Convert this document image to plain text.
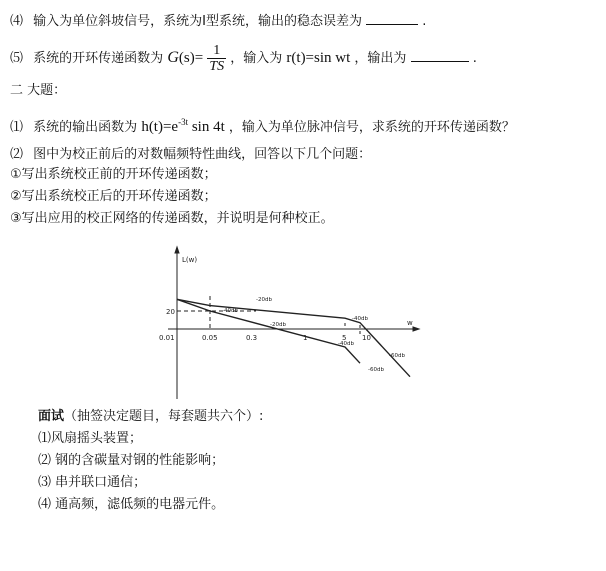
⑷ 输入为单位斜坡信号，系统为Ⅰ型系统，输出的稳态误差为	.
⑸ 系统的开环传递函数为 $G(s)= \frac{1}{TS}$ ，输入为 r(t)=sin wt ，输出为	.
二 大题：
⑴ 系统的输出函数为 $h(t)=e^{-3t}$ sin 4t ，输入为单位脉冲信号，求系统的开环传递函数？
⑵ 图中为校正前后的对数幅频特性曲线，回答以下几个问题：
①写出系统校正前的开环传递函数；
②写出系统校正后的开环传递函数；
③写出应用的校正网络的传递函数，并说明是何种校正。
L(w)
w
0.01	0.05	0.3	1	5 10
20
-20db
-40db
-20db
-40db
-40db
-60db
-60db
面试（抽签决定题目，每套题共六个）:
⑴风扇摇头装置；
⑵ 钢的含碳量对钢的性能影响；
⑶ 串并联口通信；
⑷ 通高频，滤低频的电器元件。
